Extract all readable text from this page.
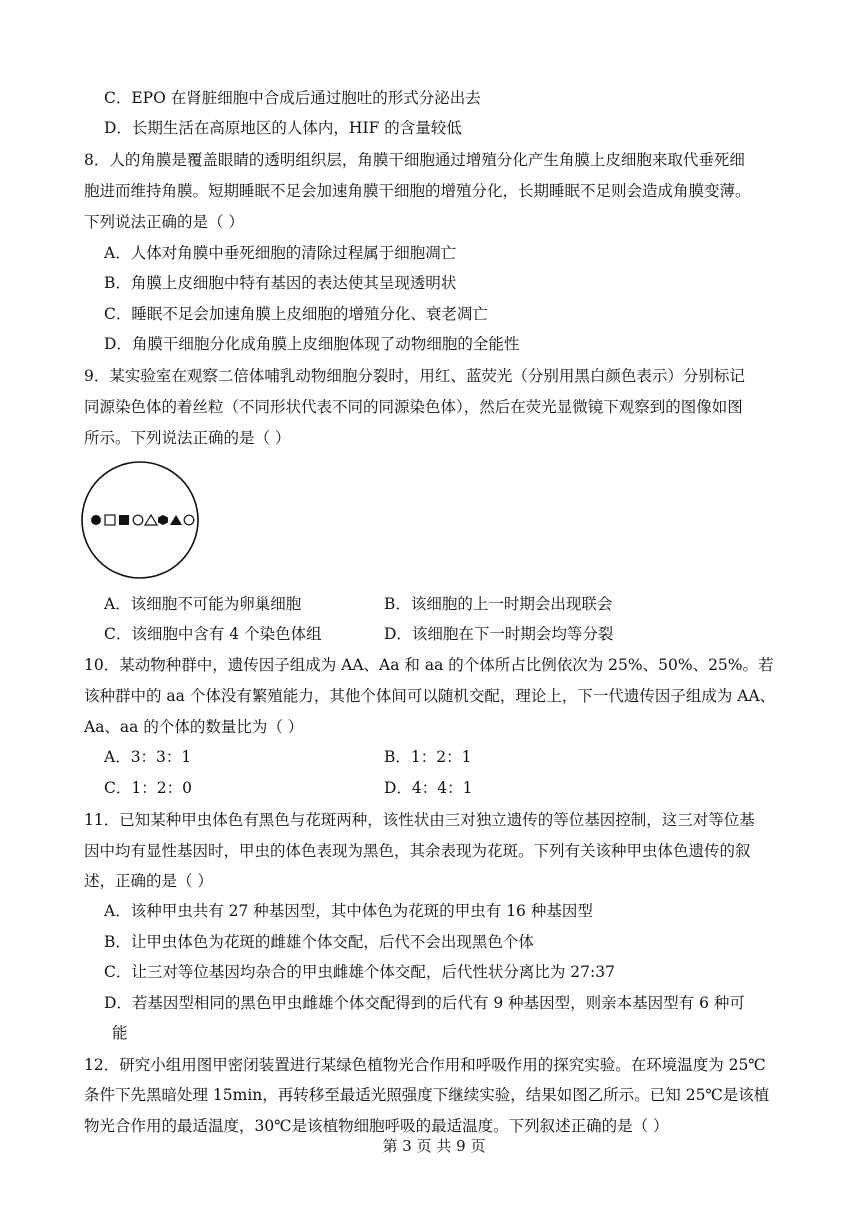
C．EPO 在肾脏细胞中合成后通过胞吐的形式分泌出去
D．长期生活在高原地区的人体内，HIF 的含量较低
8．人的角膜是覆盖眼睛的透明组织层，角膜干细胞通过增殖分化产生角膜上皮细胞来取代垂死细
胞进而维持角膜。短期睡眠不足会加速角膜干细胞的增殖分化，长期睡眠不足则会造成角膜变薄。
下列说法正确的是（ ）
A．人体对角膜中垂死细胞的清除过程属于细胞凋亡
B．角膜上皮细胞中特有基因的表达使其呈现透明状
C．睡眠不足会加速角膜上皮细胞的增殖分化、衰老凋亡
D．角膜干细胞分化成角膜上皮细胞体现了动物细胞的全能性
9．某实验室在观察二倍体哺乳动物细胞分裂时，用红、蓝荧光（分别用黑白颜色表示）分别标记
同源染色体的着丝粒（不同形状代表不同的同源染色体），然后在荧光显微镜下观察到的图像如图
所示。下列说法正确的是（ ）
A．该细胞不可能为卵巢细胞	B．该细胞的上一时期会出现联会
C．该细胞中含有 4 个染色体组	D．该细胞在下一时期会均等分裂
10．某动物种群中，遗传因子组成为 AA、Aa 和 aa 的个体所占比例依次为 25%、50%、25%。若
该种群中的 aa 个体没有繁殖能力，其他个体间可以随机交配，理论上，下一代遗传因子组成为 AA、
Aa、aa 的个体的数量比为（ ）
A．3：3：1	B．1：2：1
C．1：2：0	D．4：4：1
11．已知某种甲虫体色有黑色与花斑两种，该性状由三对独立遗传的等位基因控制，这三对等位基
因中均有显性基因时，甲虫的体色表现为黑色，其余表现为花斑。下列有关该种甲虫体色遗传的叙
述，正确的是（ ）
A．该种甲虫共有 27 种基因型，其中体色为花斑的甲虫有 16 种基因型
B．让甲虫体色为花斑的雌雄个体交配，后代不会出现黑色个体
C．让三对等位基因均杂合的甲虫雌雄个体交配，后代性状分离比为 27:37
D．若基因型相同的黑色甲虫雌雄个体交配得到的后代有 9 种基因型，则亲本基因型有 6 种可
能
12．研究小组用图甲密闭装置进行某绿色植物光合作用和呼吸作用的探究实验。在环境温度为 25℃
条件下先黑暗处理 15min，再转移至最适光照强度下继续实验，结果如图乙所示。已知 25℃是该植
物光合作用的最适温度，30℃是该植物细胞呼吸的最适温度。下列叙述正确的是（ ）
第 3 页 共 9 页
